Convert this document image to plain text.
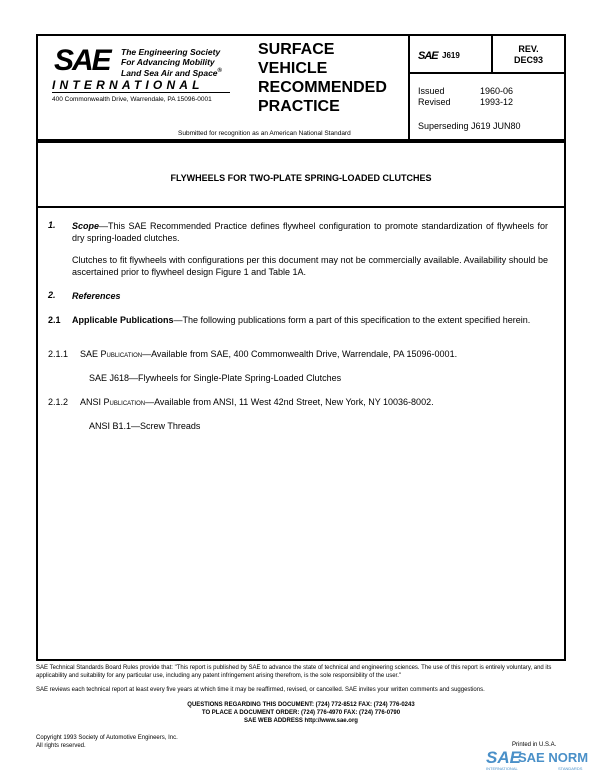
SAE The Engineering Society
For Advancing Mobility
Land Sea Air and Space®
INTERNATIONAL
400 Commonwealth Drive, Warrendale, PA 15096-0001
SURFACE
VEHICLE
RECOMMENDED
PRACTICE
Submitted for recognition as an American National Standard
SAE J619
REV.
DEC93
Issued	1960-06
Revised	1993-12
Superseding J619 JUN80
FLYWHEELS FOR TWO-PLATE SPRING-LOADED CLUTCHES
1. Scope—This SAE Recommended Practice defines flywheel configuration to promote standardization of flywheels for dry spring-loaded clutches.
Clutches to fit flywheels with configurations per this document may not be commercially available. Availability should be ascertained prior to flywheel design Figure 1 and Table 1A.
2. References
2.1 Applicable Publications—The following publications form a part of this specification to the extent specified herein.
2.1.1 SAE Publication—Available from SAE, 400 Commonwealth Drive, Warrendale, PA 15096-0001.
SAE J618—Flywheels for Single-Plate Spring-Loaded Clutches
2.1.2 ANSI Publication—Available from ANSI, 11 West 42nd Street, New York, NY 10036-8002.
ANSI B1.1—Screw Threads
SAE Technical Standards Board Rules provide that: "This report is published by SAE to advance the state of technical and engineering sciences. The use of this report is entirely voluntary, and its applicability and suitability for any particular use, including any patent infringement arising therefrom, is the sole responsibility of the user."
SAE reviews each technical report at least every five years at which time it may be reaffirmed, revised, or cancelled. SAE invites your written comments and suggestions.
QUESTIONS REGARDING THIS DOCUMENT: (724) 772-8512 FAX: (724) 776-0243
TO PLACE A DOCUMENT ORDER: (724) 776-4970 FAX: (724) 776-0790
SAE WEB ADDRESS http://www.sae.org
Copyright 1993 Society of Automotive Engineers, Inc.
All rights reserved.	Printed in U.S.A.
SAE
SAE NORM
INTERNATIONAL	STANDARDS
